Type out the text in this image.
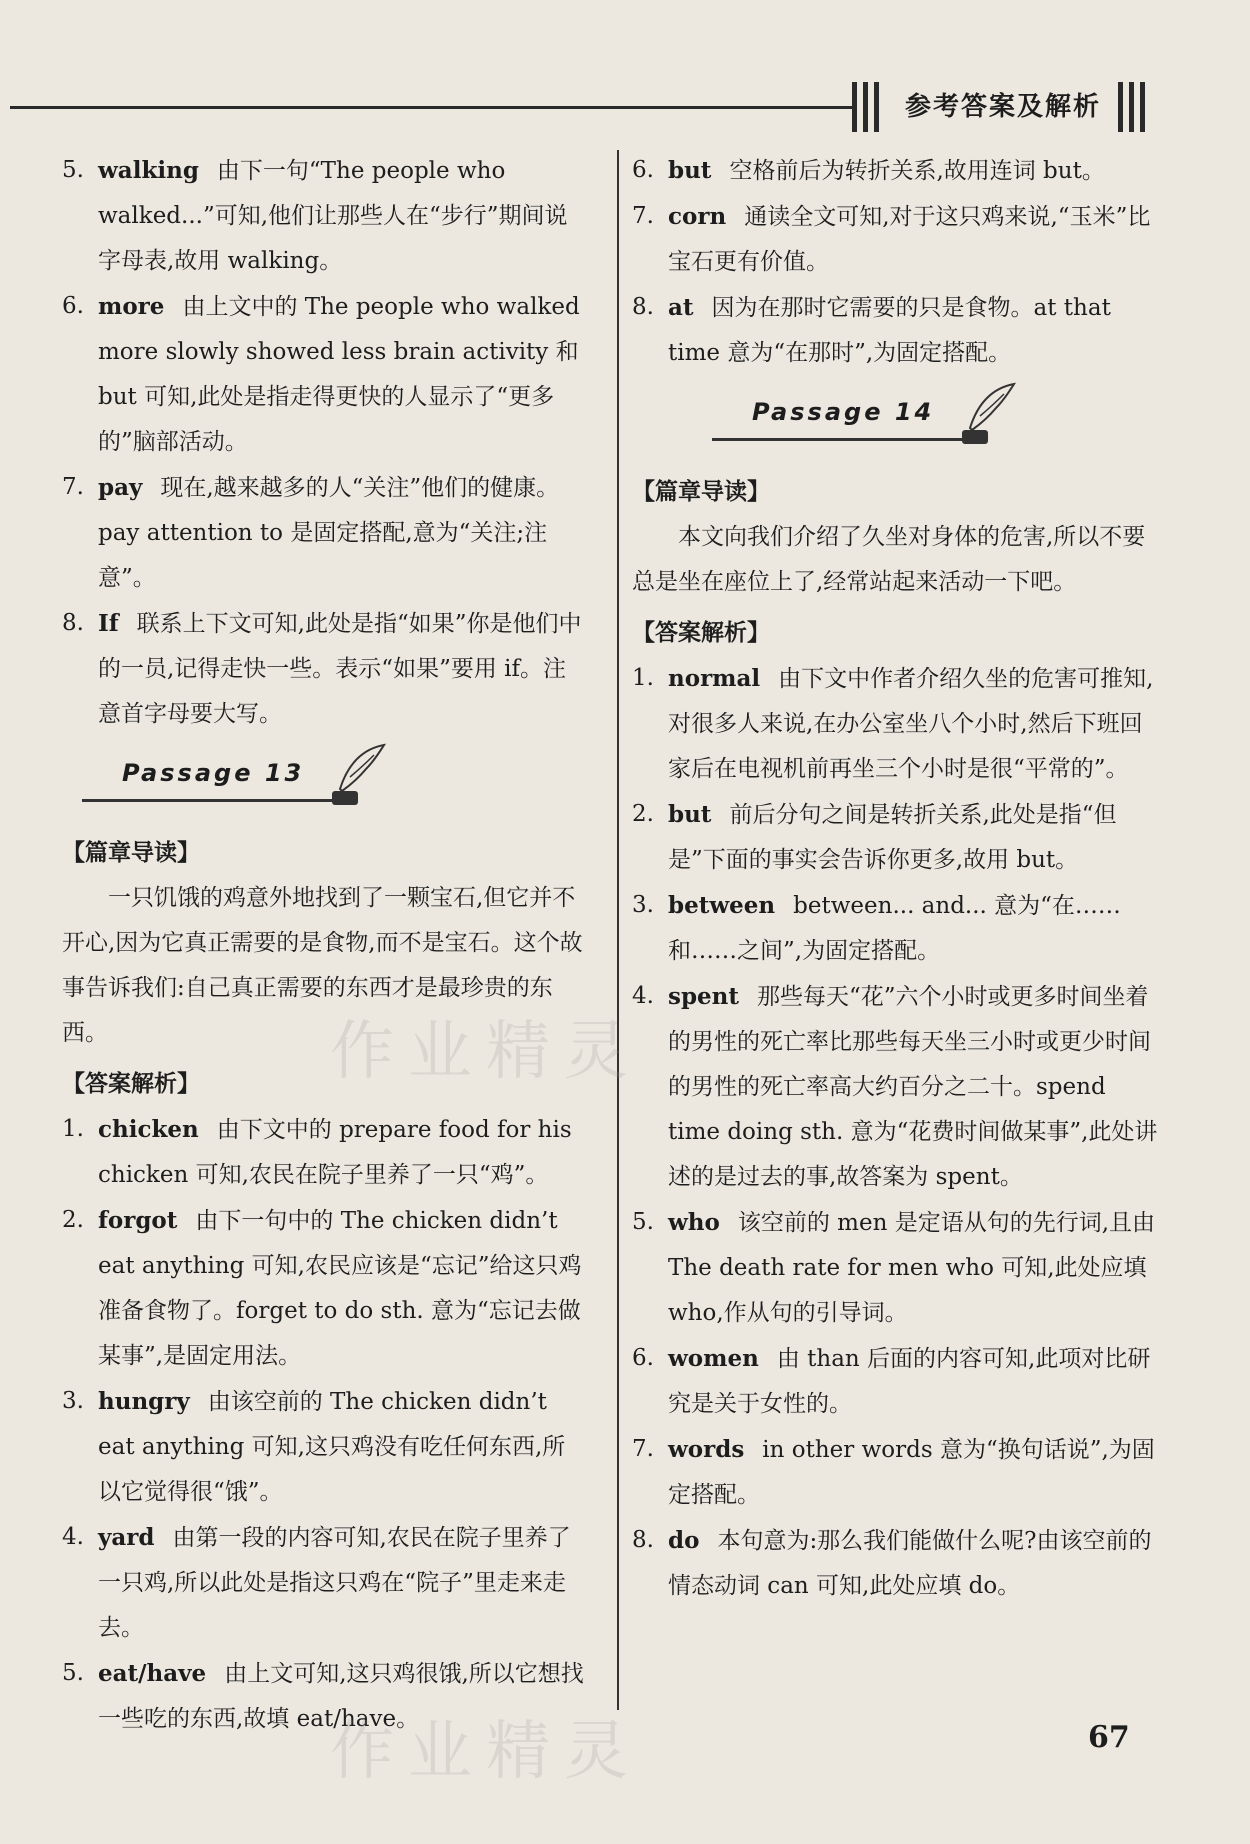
参考答案及解析
5. walking 由下一句“The people who walked...”可知,他们让那些人在“步行”期间说字母表,故用 walking。
6. more 由上文中的 The people who walked more slowly showed less brain activity 和 but 可知,此处是指走得更快的人显示了“更多的”脑部活动。
7. pay 现在,越来越多的人“关注”他们的健康。pay attention to 是固定搭配,意为“关注;注意”。
8. If 联系上下文可知,此处是指“如果”你是他们中的一员,记得走快一些。表示“如果”要用 if。注意首字母要大写。
Passage 13
【篇章导读】
一只饥饿的鸡意外地找到了一颗宝石,但它并不开心,因为它真正需要的是食物,而不是宝石。这个故事告诉我们:自己真正需要的东西才是最珍贵的东西。
【答案解析】
1. chicken 由下文中的 prepare food for his chicken 可知,农民在院子里养了一只“鸡”。
2. forgot 由下一句中的 The chicken didn’t eat anything 可知,农民应该是“忘记”给这只鸡准备食物了。forget to do sth. 意为“忘记去做某事”,是固定用法。
3. hungry 由该空前的 The chicken didn’t eat anything 可知,这只鸡没有吃任何东西,所以它觉得很“饿”。
4. yard 由第一段的内容可知,农民在院子里养了一只鸡,所以此处是指这只鸡在“院子”里走来走去。
5. eat/have 由上文可知,这只鸡很饿,所以它想找一些吃的东西,故填 eat/have。
6. but 空格前后为转折关系,故用连词 but。
7. corn 通读全文可知,对于这只鸡来说,“玉米”比宝石更有价值。
8. at 因为在那时它需要的只是食物。at that time 意为“在那时”,为固定搭配。
Passage 14
【篇章导读】
本文向我们介绍了久坐对身体的危害,所以不要总是坐在座位上了,经常站起来活动一下吧。
【答案解析】
1. normal 由下文中作者介绍久坐的危害可推知,对很多人来说,在办公室坐八个小时,然后下班回家后在电视机前再坐三个小时是很“平常的”。
2. but 前后分句之间是转折关系,此处是指“但是”下面的事实会告诉你更多,故用 but。
3. between between... and... 意为“在……和……之间”,为固定搭配。
4. spent 那些每天“花”六个小时或更多时间坐着的男性的死亡率比那些每天坐三小时或更少时间的男性的死亡率高大约百分之二十。spend time doing sth. 意为“花费时间做某事”,此处讲述的是过去的事,故答案为 spent。
5. who 该空前的 men 是定语从句的先行词,且由 The death rate for men who 可知,此处应填 who,作从句的引导词。
6. women 由 than 后面的内容可知,此项对比研究是关于女性的。
7. words in other words 意为“换句话说”,为固定搭配。
8. do 本句意为:那么我们能做什么呢?由该空前的情态动词 can 可知,此处应填 do。
作业精灵
作业精灵	67
